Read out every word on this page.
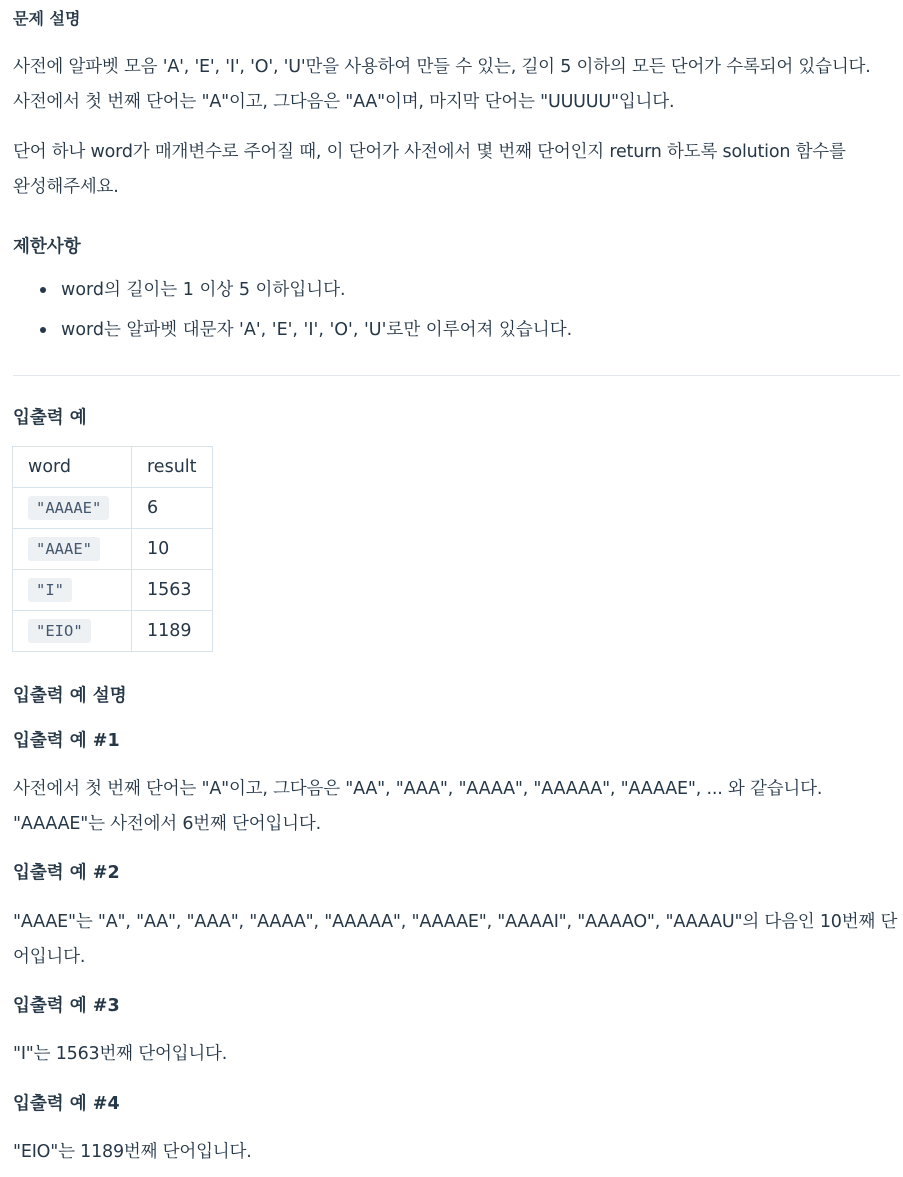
문제 설명

사전에 알파벳 모음 'A', 'E', 'I', 'O', 'U'만을 사용하여 만들 수 있는, 길이 5 이하의 모든 단어가 수록되어 있습니다.

사전에서 첫 번째 단어는 "A"이고, 그다음은 "AA"이며, 마지막 단어는 "UUUUU"입니다.

단어 하나 word가 매개변수로 주어질 때, 이 단어가 사전에서 몇 번째 단어인지 return 하도록 solution 함수를

완성해주세요.

제한사항
word의 길이는 1 이상 5 이하입니다.
word는 알파벳 대문자 'A', 'E', 'I', 'O', 'U'로만 이루어져 있습니다.
입출력 예
word	result
"AAAAE"	6
"AAAE"	10
"I"	1563
"EIO"	1189
입출력 예 설명
입출력 예 #1

사전에서 첫 번째 단어는 "A"이고, 그다음은 "AA", "AAA", "AAAA", "AAAAA", "AAAAE", ... 와 같습니다.

"AAAAE"는 사전에서 6번째 단어입니다.

입출력 예 #2

"AAAE"는 "A", "AA", "AAA", "AAAA", "AAAAA", "AAAAE", "AAAAI", "AAAAO", "AAAAU"의 다음인 10번째 단

어입니다.

입출력 예 #3

"I"는 1563번째 단어입니다.

입출력 예 #4

"EIO"는 1189번째 단어입니다.
